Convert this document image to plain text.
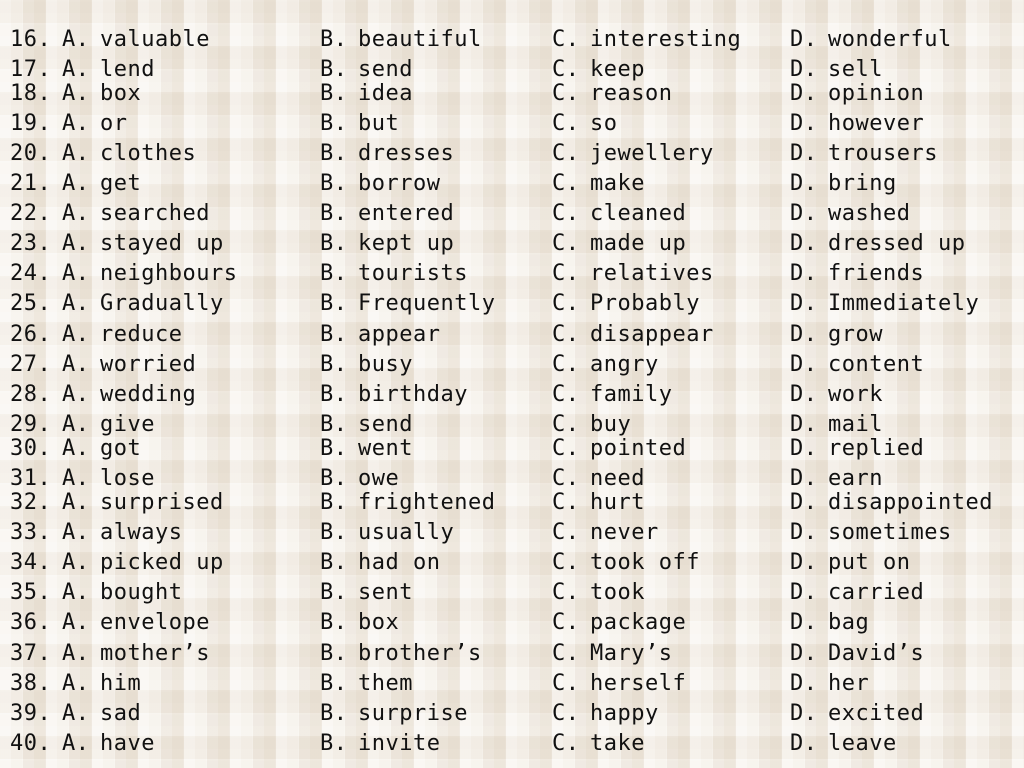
16. A. valuable	B. beautiful	C. interesting D. wonderful
17. A. lend	B. send	C. keep	D. sell
18. A. box	B. idea	C. reason	D. opinion
19. A. or	B. but	C. so	D. however
20. A. clothes	B. dresses	C. jewellery	D. trousers
21. A. get	B. borrow	C. make	D. bring
22. A. searched	B. entered	C. cleaned	D. washed
23. A. stayed up	B. kept up	C. made up	D. dressed up
24. A. neighbours	B. tourists	C. relatives	D. friends
25. A. Gradually	B. Frequently	C. Probably	D. Immediately
26. A. reduce	B. appear	C. disappear	D. grow
27. A. worried	B. busy	C. angry	D. content
28. A. wedding	B. birthday	C. family	D. work
29. A. give	B. send	C. buy	D. mail
30. A. got	B. went	C. pointed	D. replied
31. A. lose	B. owe	C. need	D. earn
32. A. surprised	B. frightened	C. hurt	D. disappointed
33. A. always	B. usually	C. never	D. sometimes
34. A. picked up	B. had on	C. took off	D. put on
35. A. bought	B. sent	C. took	D. carried
36. A. envelope	B. box	C. package	D. bag
37. A. mother’s	B. brother’s	C. Mary’s	D. David’s
38. A. him	B. them	C. herself	D. her
39. A. sad	B. surprise	C. happy	D. excited
40. A. have	B. invite	C. take	D. leave
